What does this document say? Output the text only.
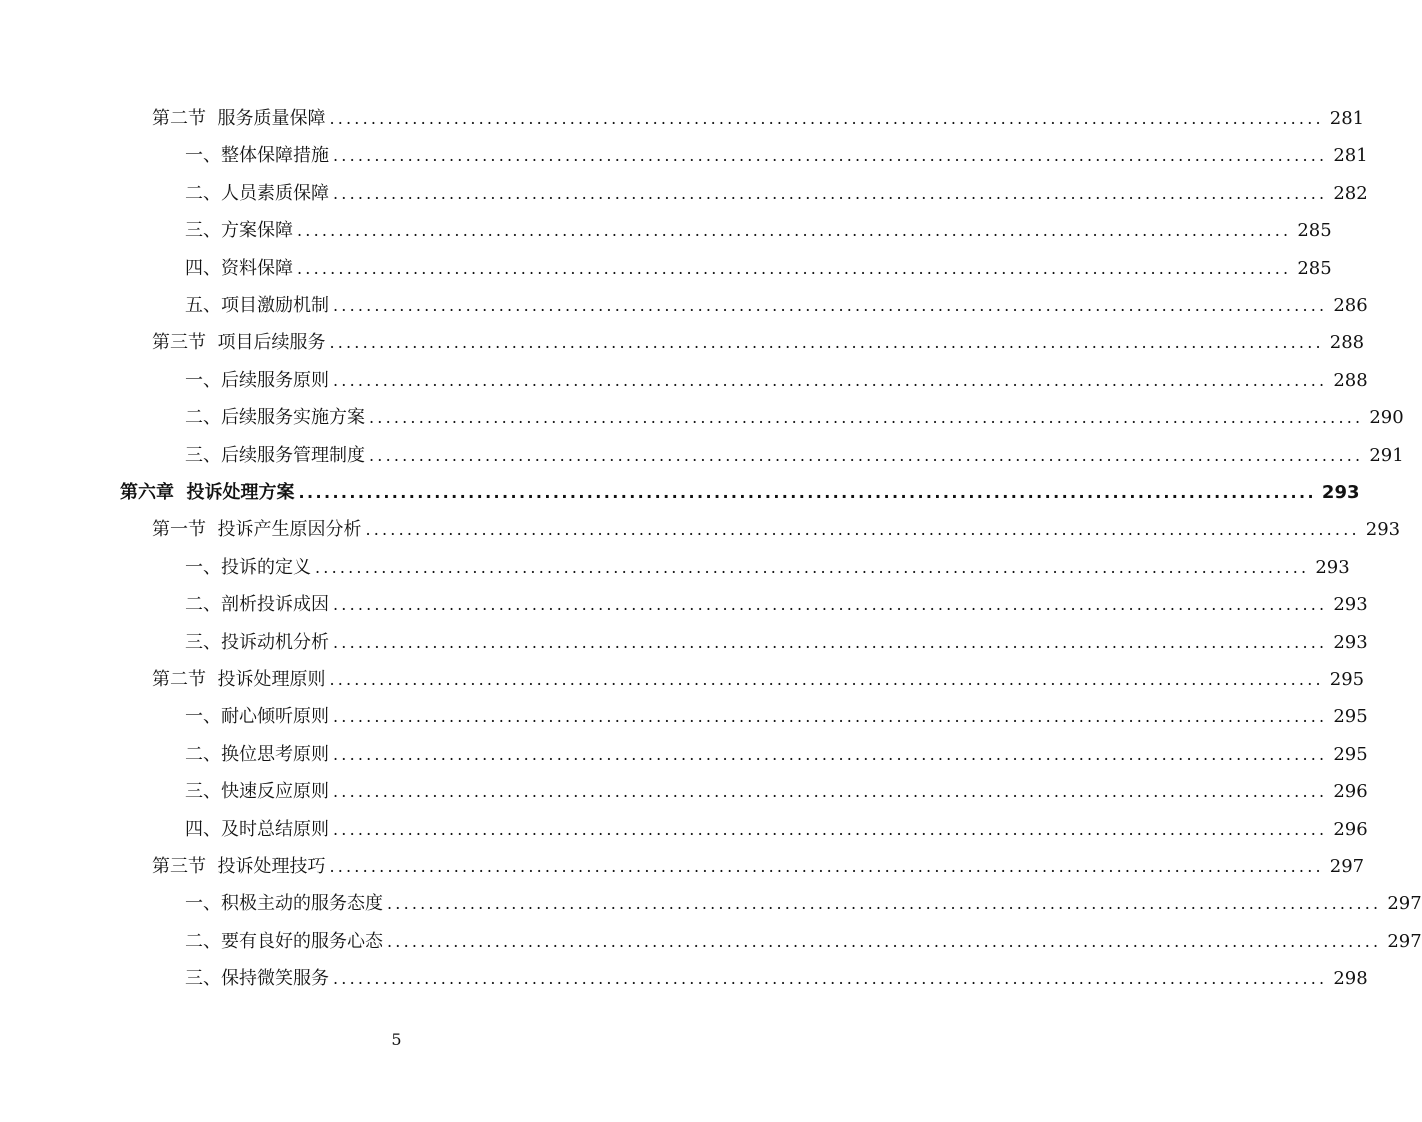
第二节  服务质量保障 ........................................................................................................................ 281
一、整体保障措施 ........................................................................................................................ 281
二、人员素质保障 ........................................................................................................................ 282
三、方案保障 ........................................................................................................................ 285
四、资料保障 ........................................................................................................................ 285
五、项目激励机制 ........................................................................................................................ 286
第三节  项目后续服务 ........................................................................................................................ 288
一、后续服务原则 ........................................................................................................................ 288
二、后续服务实施方案 ........................................................................................................................ 290
三、后续服务管理制度 ........................................................................................................................ 291
第六章  投诉处理方案 ........................................................................................................................ 293
第一节  投诉产生原因分析 ........................................................................................................................ 293
一、投诉的定义 ........................................................................................................................ 293
二、剖析投诉成因 ........................................................................................................................ 293
三、投诉动机分析 ........................................................................................................................ 293
第二节  投诉处理原则 ........................................................................................................................ 295
一、耐心倾听原则 ........................................................................................................................ 295
二、换位思考原则 ........................................................................................................................ 295
三、快速反应原则 ........................................................................................................................ 296
四、及时总结原则 ........................................................................................................................ 296
第三节  投诉处理技巧 ........................................................................................................................ 297
一、积极主动的服务态度 ........................................................................................................................ 297
二、要有良好的服务心态 ........................................................................................................................ 297
三、保持微笑服务 ........................................................................................................................ 298
5
